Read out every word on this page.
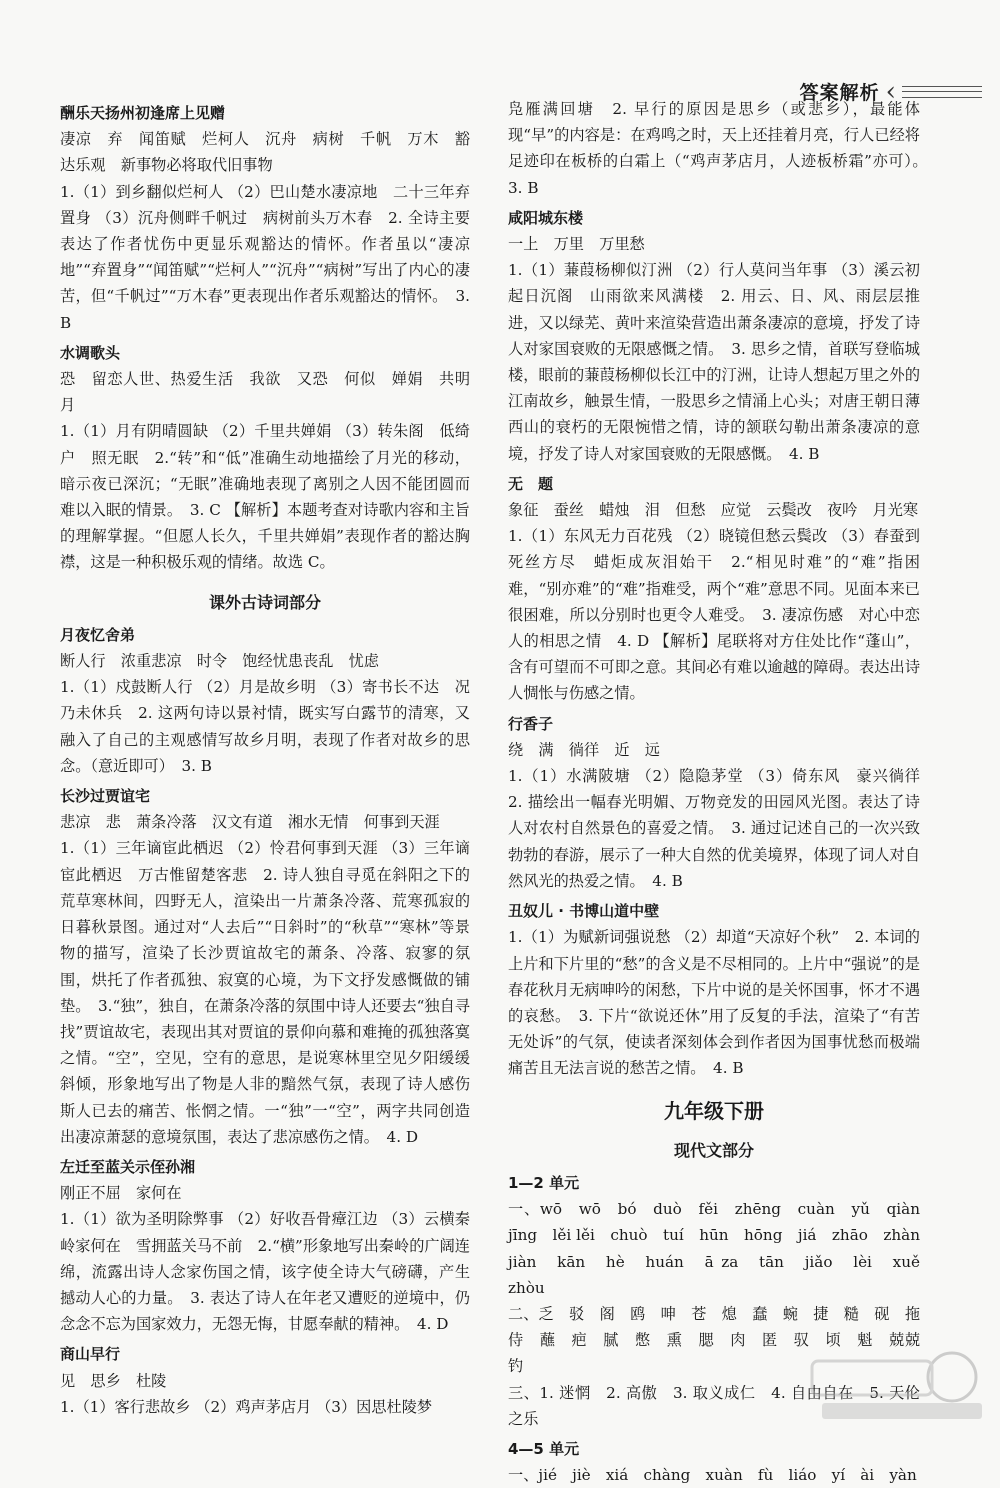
答案解析 ‹
酬乐天扬州初逢席上见赠
凄凉　弃　闻笛赋　烂柯人　沉舟　病树　千帆　万木　豁达乐观　新事物必将取代旧事物
1.（1）到乡翻似烂柯人 （2）巴山楚水凄凉地　二十三年弃置身 （3）沉舟侧畔千帆过　病树前头万木春　2. 全诗主要表达了作者忧伤中更显乐观豁达的情怀。作者虽以“凄凉地”“弃置身”“闻笛赋”“烂柯人”“沉舟”“病树”写出了内心的凄苦，但“千帆过”“万木春”更表现出作者乐观豁达的情怀。　3. B
水调歌头
恐　留恋人世、热爱生活　我欲　又恐　何似　婵娟　共明月
1.（1）月有阴晴圆缺 （2）千里共婵娟 （3）转朱阁　低绮户　照无眠　2.“转”和“低”准确生动地描绘了月光的移动，暗示夜已深沉；“无眠”准确地表现了离别之人因不能团圆而难以入眠的情景。　3. C 【解析】本题考查对诗歌内容和主旨的理解掌握。“但愿人长久，千里共婵娟”表现作者的豁达胸襟，这是一种积极乐观的情绪。故选 C。
课外古诗词部分
月夜忆舍弟
断人行　浓重悲凉　时令　饱经忧患丧乱　忧虑
1.（1）戍鼓断人行 （2）月是故乡明 （3）寄书长不达　况乃未休兵　2. 这两句诗以景衬情，既实写白露节的清寒，又融入了自己的主观感情写故乡月明，表现了作者对故乡的思念。（意近即可）　3. B
长沙过贾谊宅
悲凉　悲　萧条冷落　汉文有道　湘水无情　何事到天涯
1.（1）三年谪宦此栖迟 （2）怜君何事到天涯 （3）三年谪宦此栖迟　万古惟留楚客悲　2. 诗人独自寻觅在斜阳之下的荒草寒林间，四野无人，渲染出一片萧条冷落、荒寒孤寂的日暮秋景图。通过对“人去后”“日斜时”的“秋草”“寒林”等景物的描写，渲染了长沙贾谊故宅的萧条、冷落、寂寥的氛围，烘托了作者孤独、寂寞的心境，为下文抒发感慨做的铺垫。　3.“独”，独自，在萧条冷落的氛围中诗人还要去“独自寻找”贾谊故宅，表现出其对贾谊的景仰向慕和难掩的孤独落寞之情。“空”，空见，空有的意思，是说寒林里空见夕阳缓缓斜倾，形象地写出了物是人非的黯然气氛，表现了诗人感伤斯人已去的痛苦、怅惘之情。一“独”一“空”，两字共同创造出凄凉萧瑟的意境氛围，表达了悲凉感伤之情。　4. D
左迁至蓝关示侄孙湘
刚正不屈　家何在
1.（1）欲为圣明除弊事 （2）好收吾骨瘴江边 （3）云横秦岭家何在　雪拥蓝关马不前　2.“横”形象地写出秦岭的广阔连绵，流露出诗人念家伤国之情，该字使全诗大气磅礴，产生撼动人心的力量。　3. 表达了诗人在年老又遭贬的逆境中，仍念念不忘为国家效力，无怨无悔，甘愿奉献的精神。　4. D
商山早行
见　思乡　杜陵
1.（1）客行悲故乡 （2）鸡声茅店月 （3）因思杜陵梦
凫雁满回塘　2. 早行的原因是思乡（或悲乡），最能体现“早”的内容是：在鸡鸣之时，天上还挂着月亮，行人已经将足迹印在板桥的白霜上（“鸡声茅店月，人迹板桥霜”亦可）。　3. B
咸阳城东楼
一上　万里　万里愁
1.（1）蒹葭杨柳似汀洲 （2）行人莫问当年事 （3）溪云初起日沉阁　山雨欲来风满楼　2. 用云、日、风、雨层层推进，又以绿芜、黄叶来渲染营造出萧条凄凉的意境，抒发了诗人对家国衰败的无限感慨之情。　3. 思乡之情，首联写登临城楼，眼前的蒹葭杨柳似长江中的汀洲，让诗人想起万里之外的江南故乡，触景生情，一股思乡之情涌上心头；对唐王朝日薄西山的衰朽的无限惋惜之情，诗的颔联勾勒出萧条凄凉的意境，抒发了诗人对家国衰败的无限感慨。　4. B
无　题
象征　蚕丝　蜡烛　泪　但愁　应觉　云鬓改　夜吟　月光寒
1.（1）东风无力百花残 （2）晓镜但愁云鬓改 （3）春蚕到死丝方尽　蜡炬成灰泪始干　2.“相见时难”的“难”指困难，“别亦难”的“难”指难受，两个“难”意思不同。见面本来已很困难，所以分别时也更令人难受。　3. 凄凉伤感　对心中恋人的相思之情　4. D 【解析】尾联将对方住处比作“蓬山”，含有可望而不可即之意。其间必有难以逾越的障碍。表达出诗人惆怅与伤感之情。
行香子
绕　满　徜徉　近　远
1.（1）水满陂塘 （2）隐隐茅堂 （3）倚东风　豪兴徜徉　2. 描绘出一幅春光明媚、万物竞发的田园风光图。表达了诗人对农村自然景色的喜爱之情。　3. 通过记述自己的一次兴致勃勃的春游，展示了一种大自然的优美境界，体现了词人对自然风光的热爱之情。　4. B
丑奴儿 · 书博山道中壁
1.（1）为赋新词强说愁 （2）却道“天凉好个秋”　2. 本词的上片和下片里的“愁”的含义是不尽相同的。上片中“强说”的是春花秋月无病呻吟的闲愁，下片中说的是关怀国事，怀才不遇的哀愁。　3. 下片“欲说还休”用了反复的手法，渲染了“有苦无处诉”的气氛，使读者深刻体会到作者因为国事忧愁而极端痛苦且无法言说的愁苦之情。　4. B
九年级下册
现代文部分
1—2 单元
一、wō　wō　bó　duò　fěi　zhēng　cuàn　yǔ　qiàn　jīng　lěi lěi　chuò　tuí　hūn　hōng　jiá　zhāo　zhàn　jiàn　kān　hè　huán　ā za　tān　jiǎo　lèi　xuě　zhòu
二、乏　驳　阁　鸥　呻　苍　熄　蠢　蜿　捷　糙　砚　拖　侍　蘸　疤　腻　憋　熏　腮　肉　匿　驭　顷　魁　兢兢　钓
三、1. 迷惘　2. 高傲　3. 取义成仁　4. 自由自在　5. 天伦之乐
4—5 单元
一、jié　jiè　xiá　chàng　xuàn　fù　liáo　yí　ài　yàn
